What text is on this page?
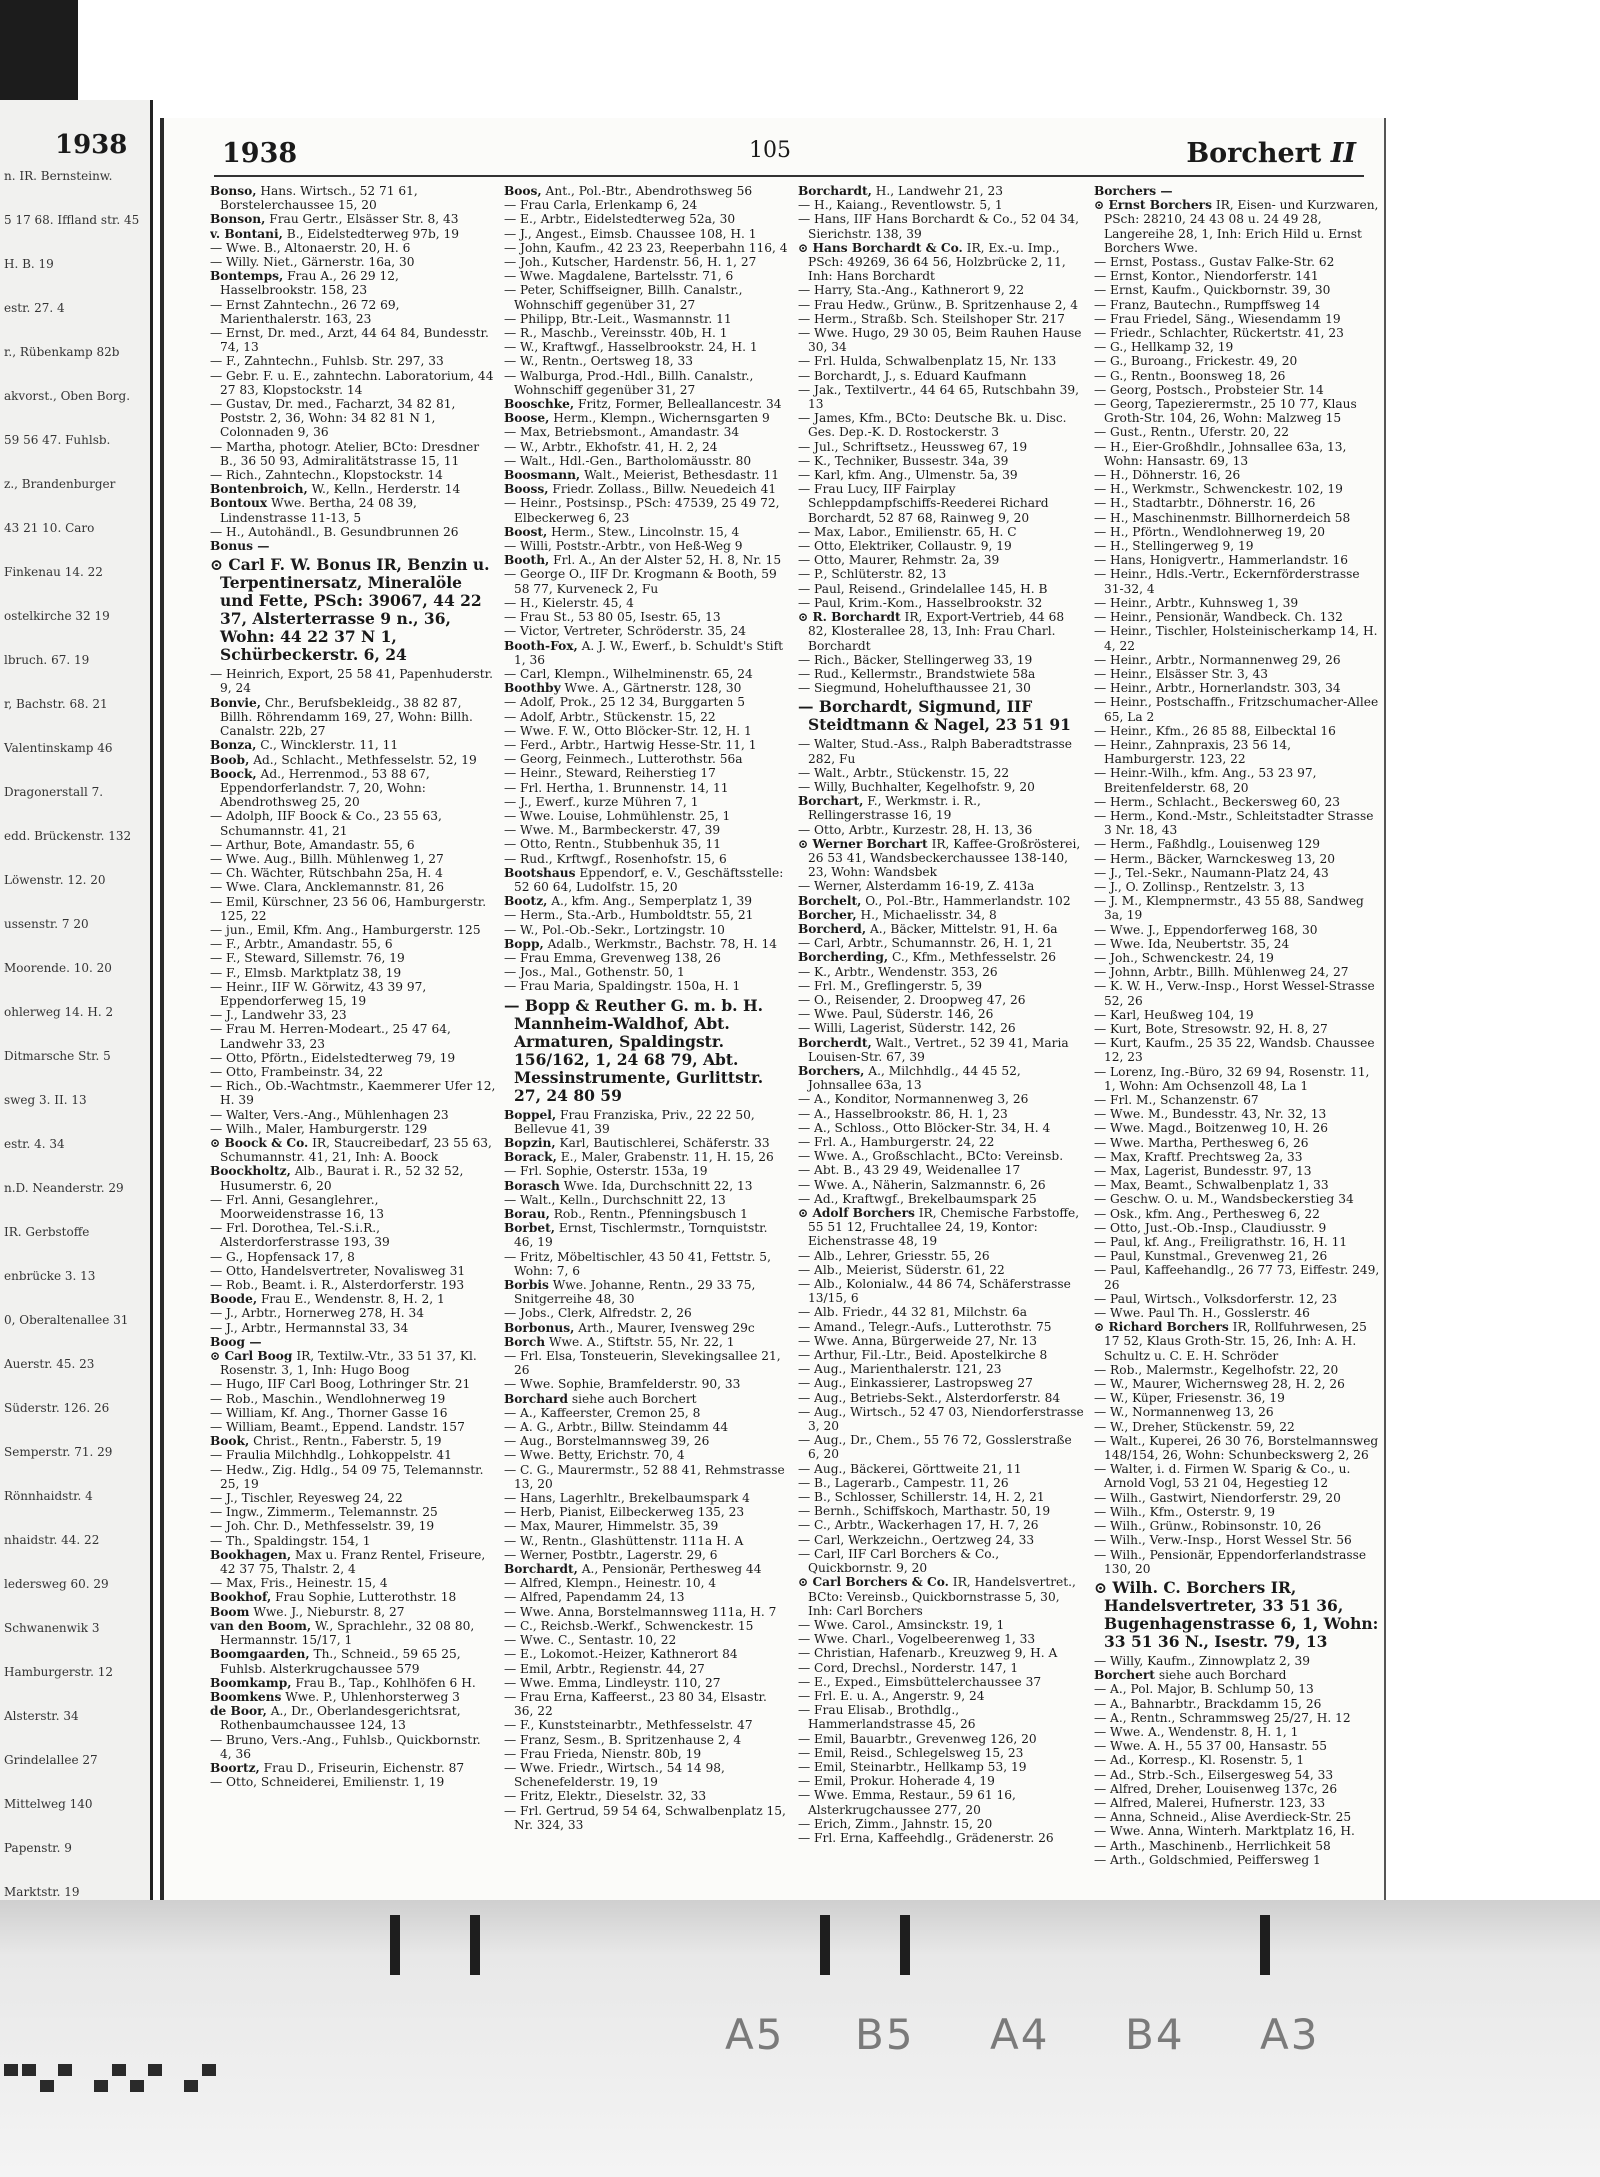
1938
n. IR. Bernsteinw.
5 17 68. Iffland str. 45
H. B. 19
estr. 27. 4
r., Rübenkamp 82b
akvorst., Oben Borg.
59 56 47. Fuhlsb.
z., Brandenburger
43 21 10. Caro
Finkenau 14. 22
ostelkirche 32 19
lbruch. 67. 19
r, Bachstr. 68. 21
Valentinskamp 46
Dragonerstall 7.
edd. Brückenstr. 132
Löwenstr. 12. 20
ussenstr. 7 20
Moorende. 10. 20
ohlerweg 14. H. 2
Ditmarsche Str. 5
sweg 3. II. 13
estr. 4. 34
n.D. Neanderstr. 29
IR. Gerbstoffe
enbrücke 3. 13
0, Oberaltenallee 31
Auerstr. 45. 23
Süderstr. 126. 26
Semperstr. 71. 29
Rönnhaidstr. 4
nhaidstr. 44. 22
ledersweg 60. 29
Schwanenwik 3
Hamburgerstr. 12
Alsterstr. 34
Grindelallee 27
Mittelweg 140
Papenstr. 9
Marktstr. 19
1938	105	Borchert II
Bonso, Hans. Wirtsch., 52 71 61, Borstelerchaussee 15, 20
Bonson, Frau Gertr., Elsässer Str. 8, 43
v. Bontani, B., Eidelstedterweg 97b, 19
— Wwe. B., Altonaerstr. 20, H. 6
— Willy. Niet., Gärnerstr. 16a, 30
Bontemps, Frau A., 26 29 12, Hasselbrookstr. 158, 23
— Ernst Zahntechn., 26 72 69, Marienthalerstr. 163, 23
— Ernst, Dr. med., Arzt, 44 64 84, Bundesstr. 74, 13
— F., Zahntechn., Fuhlsb. Str. 297, 33
— Gebr. F. u. E., zahntechn. Laboratorium, 44 27 83, Klopstockstr. 14
— Gustav, Dr. med., Facharzt, 34 82 81, Poststr. 2, 36, Wohn: 34 82 81 N 1, Colonnaden 9, 36
— Martha, photogr. Atelier, BCto: Dresdner B., 36 50 93, Admiralitätstrasse 15, 11
— Rich., Zahntechn., Klopstockstr. 14
Bontenbroich, W., Kelln., Herderstr. 14
Bontoux Wwe. Bertha, 24 08 39, Lindenstrasse 11-13, 5
— H., Autohändl., B. Gesundbrunnen 26
Bonus —
⊙ Carl F. W. Bonus IR, Benzin u. Terpentinersatz, Mineralöle und Fette, PSch: 39067, 44 22 37, Alsterterrasse 9 n., 36, Wohn: 44 22 37 N 1, Schürbeckerstr. 6, 24
— Heinrich, Export, 25 58 41, Papenhuderstr. 9, 24
Bonvie, Chr., Berufsbekleidg., 38 82 87, Billh. Röhrendamm 169, 27, Wohn: Billh. Canalstr. 22b, 27
Bonza, C., Wincklerstr. 11, 11
Boob, Ad., Schlacht., Methfesselstr. 52, 19
Boock, Ad., Herrenmod., 53 88 67, Eppendorferlandstr. 7, 20, Wohn: Abendrothsweg 25, 20
— Adolph, IIF Boock & Co., 23 55 63, Schumannstr. 41, 21
— Arthur, Bote, Amandastr. 55, 6
— Wwe. Aug., Billh. Mühlenweg 1, 27
— Ch. Wächter, Rütschbahn 25a, H. 4
— Wwe. Clara, Ancklemannstr. 81, 26
— Emil, Kürschner, 23 56 06, Hamburgerstr. 125, 22
— jun., Emil, Kfm. Ang., Hamburgerstr. 125
— F., Arbtr., Amandastr. 55, 6
— F., Steward, Sillemstr. 76, 19
— F., Elmsb. Marktplatz 38, 19
— Heinr., IIF W. Görwitz, 43 39 97, Eppendorferweg 15, 19
— J., Landwehr 33, 23
— Frau M. Herren-Modeart., 25 47 64, Landwehr 33, 23
— Otto, Pförtn., Eidelstedterweg 79, 19
— Otto, Frambeinstr. 34, 22
— Rich., Ob.-Wachtmstr., Kaemmerer Ufer 12, H. 39
— Walter, Vers.-Ang., Mühlenhagen 23
— Wilh., Maler, Hamburgerstr. 129
⊙ Boock & Co. IR, Staucreibedarf, 23 55 63, Schumannstr. 41, 21, Inh: A. Boock
Boockholtz, Alb., Baurat i. R., 52 32 52, Husumerstr. 6, 20
— Frl. Anni, Gesanglehrer., Moorweidenstrasse 16, 13
— Frl. Dorothea, Tel.-S.i.R., Alsterdorferstrasse 193, 39
— G., Hopfensack 17, 8
— Otto, Handelsvertreter, Novalisweg 31
— Rob., Beamt. i. R., Alsterdorferstr. 193
Boode, Frau E., Wendenstr. 8, H. 2, 1
— J., Arbtr., Hornerweg 278, H. 34
— J., Arbtr., Hermannstal 33, 34
Boog —
⊙ Carl Boog IR, Textilw.-Vtr., 33 51 37, Kl. Rosenstr. 3, 1, Inh: Hugo Boog
— Hugo, IIF Carl Boog, Lothringer Str. 21
— Rob., Maschin., Wendlohnerweg 19
— William, Kf. Ang., Thorner Gasse 16
— William, Beamt., Eppend. Landstr. 157
Book, Christ., Rentn., Faberstr. 5, 19
— Fraulia Milchhdlg., Lohkoppelstr. 41
— Hedw., Zig. Hdlg., 54 09 75, Telemannstr. 25, 19
— J., Tischler, Reyesweg 24, 22
— Ingw., Zimmerm., Telemannstr. 25
— Joh. Chr. D., Methfesselstr. 39, 19
— Th., Spaldingstr. 154, 1
Bookhagen, Max u. Franz Rentel, Friseure, 42 37 75, Thalstr. 2, 4
— Max, Fris., Heinestr. 15, 4
Bookhof, Frau Sophie, Lutterothstr. 18
Boom Wwe. J., Nieburstr. 8, 27
van den Boom, W., Sprachlehr., 32 08 80, Hermannstr. 15/17, 1
Boomgaarden, Th., Schneid., 59 65 25, Fuhlsb. Alsterkrugchaussee 579
Boomkamp, Frau B., Tap., Kohlhöfen 6 H.
Boomkens Wwe. P., Uhlenhorsterweg 3
de Boor, A., Dr., Oberlandesgerichtsrat, Rothenbaumchaussee 124, 13
— Bruno, Vers.-Ang., Fuhlsb., Quickbornstr. 4, 36
Boortz, Frau D., Friseurin, Eichenstr. 87
— Otto, Schneiderei, Emilienstr. 1, 19
Boos, Ant., Pol.-Btr., Abendrothsweg 56
— Frau Carla, Erlenkamp 6, 24
— E., Arbtr., Eidelstedterweg 52a, 30
— J., Angest., Eimsb. Chaussee 108, H. 1
— John, Kaufm., 42 23 23, Reeperbahn 116, 4
— Joh., Kutscher, Hardenstr. 56, H. 1, 27
— Wwe. Magdalene, Bartelsstr. 71, 6
— Peter, Schiffseigner, Billh. Canalstr., Wohnschiff gegenüber 31, 27
— Philipp, Btr.-Leit., Wasmannstr. 11
— R., Maschb., Vereinsstr. 40b, H. 1
— W., Kraftwgf., Hasselbrookstr. 24, H. 1
— W., Rentn., Oertsweg 18, 33
— Walburga, Prod.-Hdl., Billh. Canalstr., Wohnschiff gegenüber 31, 27
Booschke, Fritz, Former, Belleallancestr. 34
Boose, Herm., Klempn., Wichernsgarten 9
— Max, Betriebsmont., Amandastr. 34
— W., Arbtr., Ekhofstr. 41, H. 2, 24
— Walt., Hdl.-Gen., Bartholomäusstr. 80
Boosmann, Walt., Meierist, Bethesdastr. 11
Booss, Friedr. Zollass., Billw. Neuedeich 41
— Heinr., Postsinsp., PSch: 47539, 25 49 72, Elbeckerweg 6, 23
Boost, Herm., Stew., Lincolnstr. 15, 4
— Willi, Poststr.-Arbtr., von Heß-Weg 9
Booth, Frl. A., An der Alster 52, H. 8, Nr. 15
— George O., IIF Dr. Krogmann & Booth, 59 58 77, Kurveneck 2, Fu
— H., Kielerstr. 45, 4
— Frau St., 53 80 05, Isestr. 65, 13
— Victor, Vertreter, Schröderstr. 35, 24
Booth-Fox, A. J. W., Ewerf., b. Schuldt's Stift 1, 36
— Carl, Klempn., Wilhelminenstr. 65, 24
Boothby Wwe. A., Gärtnerstr. 128, 30
— Adolf, Prok., 25 12 34, Burggarten 5
— Adolf, Arbtr., Stückenstr. 15, 22
— Wwe. F. W., Otto Blöcker-Str. 12, H. 1
— Ferd., Arbtr., Hartwig Hesse-Str. 11, 1
— Georg, Feinmech., Lutterothstr. 56a
— Heinr., Steward, Reiherstieg 17
— Frl. Hertha, 1. Brunnenstr. 14, 11
— J., Ewerf., kurze Mühren 7, 1
— Wwe. Louise, Lohmühlenstr. 25, 1
— Wwe. M., Barmbeckerstr. 47, 39
— Otto, Rentn., Stubbenhuk 35, 11
— Rud., Krftwgf., Rosenhofstr. 15, 6
Bootshaus Eppendorf, e. V., Geschäftsstelle: 52 60 64, Ludolfstr. 15, 20
Bootz, A., kfm. Ang., Semperplatz 1, 39
— Herm., Sta.-Arb., Humboldtstr. 55, 21
— W., Pol.-Ob.-Sekr., Lortzingstr. 10
Bopp, Adalb., Werkmstr., Bachstr. 78, H. 14
— Frau Emma, Grevenweg 138, 26
— Jos., Mal., Gothenstr. 50, 1
— Frau Maria, Spaldingstr. 150a, H. 1
— Bopp & Reuther G. m. b. H. Mannheim-Waldhof, Abt. Armaturen, Spaldingstr. 156/162, 1, 24 68 79, Abt. Messinstrumente, Gurlittstr. 27, 24 80 59
Boppel, Frau Franziska, Priv., 22 22 50, Bellevue 41, 39
Bopzin, Karl, Bautischlerei, Schäferstr. 33
Borack, E., Maler, Grabenstr. 11, H. 15, 26
— Frl. Sophie, Osterstr. 153a, 19
Borasch Wwe. Ida, Durchschnitt 22, 13
— Walt., Kelln., Durchschnitt 22, 13
Borau, Rob., Rentn., Pfenningsbusch 1
Borbet, Ernst, Tischlermstr., Tornquiststr. 46, 19
— Fritz, Möbeltischler, 43 50 41, Fettstr. 5, Wohn: 7, 6
Borbis Wwe. Johanne, Rentn., 29 33 75, Snitgerreihe 48, 30
— Jobs., Clerk, Alfredstr. 2, 26
Borbonus, Arth., Maurer, Ivensweg 29c
Borch Wwe. A., Stiftstr. 55, Nr. 22, 1
— Frl. Elsa, Tonsteuerin, Slevekingsallee 21, 26
— Wwe. Sophie, Bramfelderstr. 90, 33
Borchard siehe auch Borchert
— A., Kaffeerster, Cremon 25, 8
— A. G., Arbtr., Billw. Steindamm 44
— Aug., Borstelmannsweg 39, 26
— Wwe. Betty, Erichstr. 70, 4
— C. G., Maurermstr., 52 88 41, Rehmstrasse 13, 20
— Hans, Lagerhltr., Brekelbaumspark 4
— Herb, Pianist, Eilbeckerweg 135, 23
— Max, Maurer, Himmelstr. 35, 39
— W., Rentn., Glashüttenstr. 111a H. A
— Werner, Postbtr., Lagerstr. 29, 6
Borchardt, A., Pensionär, Perthesweg 44
— Alfred, Klempn., Heinestr. 10, 4
— Alfred, Papendamm 24, 13
— Wwe. Anna, Borstelmannsweg 111a, H. 7
— C., Reichsb.-Werkf., Schwenckestr. 15
— Wwe. C., Sentastr. 10, 22
— E., Lokomot.-Heizer, Kathnerort 84
— Emil, Arbtr., Regienstr. 44, 27
— Wwe. Emma, Lindleystr. 110, 27
— Frau Erna, Kaffeerst., 23 80 34, Elsastr. 36, 22
— F., Kunststeinarbtr., Methfesselstr. 47
— Franz, Sesm., B. Spritzenhause 2, 4
— Frau Frieda, Nienstr. 80b, 19
— Wwe. Friedr., Wirtsch., 54 14 98, Schenefelderstr. 19, 19
— Fritz, Elektr., Dieselstr. 32, 33
— Frl. Gertrud, 59 54 64, Schwalbenplatz 15, Nr. 324, 33
Borchardt, H., Landwehr 21, 23
— H., Kaiang., Reventlowstr. 5, 1
— Hans, IIF Hans Borchardt & Co., 52 04 34, Sierichstr. 138, 39
⊙ Hans Borchardt & Co. IR, Ex.-u. Imp., PSch: 49269, 36 64 56, Holzbrücke 2, 11, Inh: Hans Borchardt
— Harry, Sta.-Ang., Kathnerort 9, 22
— Frau Hedw., Grünw., B. Spritzenhause 2, 4
— Herm., Straßb. Sch. Steilshoper Str. 217
— Wwe. Hugo, 29 30 05, Beim Rauhen Hause 30, 34
— Frl. Hulda, Schwalbenplatz 15, Nr. 133
— Borchardt, J., s. Eduard Kaufmann
— Jak., Textilvertr., 44 64 65, Rutschbahn 39, 13
— James, Kfm., BCto: Deutsche Bk. u. Disc. Ges. Dep.-K. D. Rostockerstr. 3
— Jul., Schriftsetz., Heussweg 67, 19
— K., Techniker, Bussestr. 34a, 39
— Karl, kfm. Ang., Ulmenstr. 5a, 39
— Frau Lucy, IIF Fairplay Schleppdampfschiffs-Reederei Richard Borchardt, 52 87 68, Rainweg 9, 20
— Max, Labor., Emilienstr. 65, H. C
— Otto, Elektriker, Collaustr. 9, 19
— Otto, Maurer, Rehmstr. 2a, 39
— P., Schlüterstr. 82, 13
— Paul, Reisend., Grindelallee 145, H. B
— Paul, Krim.-Kom., Hasselbrookstr. 32
⊙ R. Borchardt IR, Export-Vertrieb, 44 68 82, Klosterallee 28, 13, Inh: Frau Charl. Borchardt
— Rich., Bäcker, Stellingerweg 33, 19
— Rud., Kellermstr., Brandstwiete 58a
— Siegmund, Hohelufthaussee 21, 30
— Borchardt, Sigmund, IIF Steidtmann & Nagel, 23 51 91
— Walter, Stud.-Ass., Ralph Baberadtstrasse 282, Fu
— Walt., Arbtr., Stückenstr. 15, 22
— Willy, Buchhalter, Kegelhofstr. 9, 20
Borchart, F., Werkmstr. i. R., Rellingerstrasse 16, 19
— Otto, Arbtr., Kurzestr. 28, H. 13, 36
⊙ Werner Borchart IR, Kaffee-Großrösterei, 26 53 41, Wandsbeckerchaussee 138-140, 23, Wohn: Wandsbek
— Werner, Alsterdamm 16-19, Z. 413a
Borchelt, O., Pol.-Btr., Hammerlandstr. 102
Borcher, H., Michaelisstr. 34, 8
Borcherd, A., Bäcker, Mittelstr. 91, H. 6a
— Carl, Arbtr., Schumannstr. 26, H. 1, 21
Borcherding, C., Kfm., Methfesselstr. 26
— K., Arbtr., Wendenstr. 353, 26
— Frl. M., Greflingerstr. 5, 39
— O., Reisender, 2. Droopweg 47, 26
— Wwe. Paul, Süderstr. 146, 26
— Willi, Lagerist, Süderstr. 142, 26
Borcherdt, Walt., Vertret., 52 39 41, Maria Louisen-Str. 67, 39
Borchers, A., Milchhdlg., 44 45 52, Johnsallee 63a, 13
— A., Konditor, Normannenweg 3, 26
— A., Hasselbrookstr. 86, H. 1, 23
— A., Schloss., Otto Blöcker-Str. 34, H. 4
— Frl. A., Hamburgerstr. 24, 22
— Wwe. A., Großschlacht., BCto: Vereinsb.
— Abt. B., 43 29 49, Weidenallee 17
— Wwe. A., Näherin, Salzmannstr. 6, 26
— Ad., Kraftwgf., Brekelbaumspark 25
⊙ Adolf Borchers IR, Chemische Farbstoffe, 55 51 12, Fruchtallee 24, 19, Kontor: Eichenstrasse 48, 19
— Alb., Lehrer, Griesstr. 55, 26
— Alb., Meierist, Süderstr. 61, 22
— Alb., Kolonialw., 44 86 74, Schäferstrasse 13/15, 6
— Alb. Friedr., 44 32 81, Milchstr. 6a
— Amand., Telegr.-Aufs., Lutterothstr. 75
— Wwe. Anna, Bürgerweide 27, Nr. 13
— Arthur, Fil.-Ltr., Beid. Apostelkirche 8
— Aug., Marienthalerstr. 121, 23
— Aug., Einkassierer, Lastropsweg 27
— Aug., Betriebs-Sekt., Alsterdorferstr. 84
— Aug., Wirtsch., 52 47 03, Niendorferstrasse 3, 20
— Aug., Dr., Chem., 55 76 72, Gosslerstraße 6, 20
— Aug., Bäckerei, Görttweite 21, 11
— B., Lagerarb., Campestr. 11, 26
— B., Schlosser, Schillerstr. 14, H. 2, 21
— Bernh., Schiffskoch, Marthastr. 50, 19
— C., Arbtr., Wackerhagen 17, H. 7, 26
— Carl, Werkzeichn., Oertzweg 24, 33
— Carl, IIF Carl Borchers & Co., Quickbornstr. 9, 20
⊙ Carl Borchers & Co. IR, Handelsvertret., BCto: Vereinsb., Quickbornstrasse 5, 30, Inh: Carl Borchers
— Wwe. Carol., Amsinckstr. 19, 1
— Wwe. Charl., Vogelbeerenweg 1, 33
— Christian, Hafenarb., Kreuzweg 9, H. A
— Cord, Drechsl., Norderstr. 147, 1
— E., Exped., Eimsbüttelerchaussee 37
— Frl. E. u. A., Angerstr. 9, 24
— Frau Elisab., Brothdlg., Hammerlandstrasse 45, 26
— Emil, Bauarbtr., Grevenweg 126, 20
— Emil, Reisd., Schlegelsweg 15, 23
— Emil, Steinarbtr., Hellkamp 53, 19
— Emil, Prokur. Hoherade 4, 19
— Wwe. Emma, Restaur., 59 61 16, Alsterkrugchaussee 277, 20
— Erich, Zimm., Jahnstr. 15, 20
— Frl. Erna, Kaffeehdlg., Grädenerstr. 26
Borchers —
⊙ Ernst Borchers IR, Eisen- und Kurzwaren, PSch: 28210, 24 43 08 u. 24 49 28, Langereihe 28, 1, Inh: Erich Hild u. Ernst Borchers Wwe.
— Ernst, Postass., Gustav Falke-Str. 62
— Ernst, Kontor., Niendorferstr. 141
— Ernst, Kaufm., Quickbornstr. 39, 30
— Franz, Bautechn., Rumpffsweg 14
— Frau Friedel, Säng., Wiesendamm 19
— Friedr., Schlachter, Rückertstr. 41, 23
— G., Hellkamp 32, 19
— G., Buroang., Frickestr. 49, 20
— G., Rentn., Boonsweg 18, 26
— Georg, Postsch., Probsteier Str. 14
— Georg, Tapezierermstr., 25 10 77, Klaus Groth-Str. 104, 26, Wohn: Malzweg 15
— Gust., Rentn., Uferstr. 20, 22
— H., Eier-Großhdlr., Johnsallee 63a, 13, Wohn: Hansastr. 69, 13
— H., Döhnerstr. 16, 26
— H., Werkmstr., Schwenckestr. 102, 19
— H., Stadtarbtr., Döhnerstr. 16, 26
— H., Maschinenmstr. Billhornerdeich 58
— H., Pförtn., Wendlohnerweg 19, 20
— H., Stellingerweg 9, 19
— Hans, Honigvertr., Hammerlandstr. 16
— Heinr., Hdls.-Vertr., Eckernförderstrasse 31-32, 4
— Heinr., Arbtr., Kuhnsweg 1, 39
— Heinr., Pensionär, Wandbeck. Ch. 132
— Heinr., Tischler, Holsteinischerkamp 14, H. 4, 22
— Heinr., Arbtr., Normannenweg 29, 26
— Heinr., Elsässer Str. 3, 43
— Heinr., Arbtr., Hornerlandstr. 303, 34
— Heinr., Postschaffn., Fritzschumacher-Allee 65, La 2
— Heinr., Kfm., 26 85 88, Eilbecktal 16
— Heinr., Zahnpraxis, 23 56 14, Hamburgerstr. 123, 22
— Heinr.-Wilh., kfm. Ang., 53 23 97, Breitenfelderstr. 68, 20
— Herm., Schlacht., Beckersweg 60, 23
— Herm., Kond.-Mstr., Schleitstadter Strasse 3 Nr. 18, 43
— Herm., Faßhdlg., Louisenweg 129
— Herm., Bäcker, Warnckesweg 13, 20
— J., Tel.-Sekr., Naumann-Platz 24, 43
— J., O. Zollinsp., Rentzelstr. 3, 13
— J. M., Klempnermstr., 43 55 88, Sandweg 3a, 19
— Wwe. J., Eppendorferweg 168, 30
— Wwe. Ida, Neubertstr. 35, 24
— Joh., Schwenckestr. 24, 19
— Johnn, Arbtr., Billh. Mühlenweg 24, 27
— K. W. H., Verw.-Insp., Horst Wessel-Strasse 52, 26
— Karl, Heußweg 104, 19
— Kurt, Bote, Stresowstr. 92, H. 8, 27
— Kurt, Kaufm., 25 35 22, Wandsb. Chaussee 12, 23
— Lorenz, Ing.-Büro, 32 69 94, Rosenstr. 11, 1, Wohn: Am Ochsenzoll 48, La 1
— Frl. M., Schanzenstr. 67
— Wwe. M., Bundesstr. 43, Nr. 32, 13
— Wwe. Magd., Boitzenweg 10, H. 26
— Wwe. Martha, Perthesweg 6, 26
— Max, Kraftf. Prechtsweg 2a, 33
— Max, Lagerist, Bundesstr. 97, 13
— Max, Beamt., Schwalbenplatz 1, 33
— Geschw. O. u. M., Wandsbeckerstieg 34
— Osk., kfm. Ang., Perthesweg 6, 22
— Otto, Just.-Ob.-Insp., Claudiusstr. 9
— Paul, kf. Ang., Freiligrathstr. 16, H. 11
— Paul, Kunstmal., Grevenweg 21, 26
— Paul, Kaffeehandlg., 26 77 73, Eiffestr. 249, 26
— Paul, Wirtsch., Volksdorferstr. 12, 23
— Wwe. Paul Th. H., Gosslerstr. 46
⊙ Richard Borchers IR, Rollfuhrwesen, 25 17 52, Klaus Groth-Str. 15, 26, Inh: A. H. Schultz u. C. E. H. Schröder
— Rob., Malermstr., Kegelhofstr. 22, 20
— W., Maurer, Wichernsweg 28, H. 2, 26
— W., Küper, Friesenstr. 36, 19
— W., Normannenweg 13, 26
— W., Dreher, Stückenstr. 59, 22
— Walt., Kuperei, 26 30 76, Borstelmannsweg 148/154, 26, Wohn: Schunbeckswerg 2, 26
— Walter, i. d. Firmen W. Sparig & Co., u. Arnold Vogl, 53 21 04, Hegestieg 12
— Wilh., Gastwirt, Niendorferstr. 29, 20
— Wilh., Kfm., Osterstr. 9, 19
— Wilh., Grünw., Robinsonstr. 10, 26
— Wilh., Verw.-Insp., Horst Wessel Str. 56
— Wilh., Pensionär, Eppendorferlandstrasse 130, 20
⊙ Wilh. C. Borchers IR, Handelsvertreter, 33 51 36, Bugenhagenstrasse 6, 1, Wohn: 33 51 36 N., Isestr. 79, 13
— Willy, Kaufm., Zinnowplatz 2, 39
Borchert siehe auch Borchard
— A., Pol. Major, B. Schlump 50, 13
— A., Bahnarbtr., Brackdamm 15, 26
— A., Rentn., Schrammsweg 25/27, H. 12
— Wwe. A., Wendenstr. 8, H. 1, 1
— Wwe. A. H., 55 37 00, Hansastr. 55
— Ad., Korresp., Kl. Rosenstr. 5, 1
— Ad., Strb.-Sch., Eilsergesweg 54, 33
— Alfred, Dreher, Louisenweg 137c, 26
— Alfred, Malerei, Hufnerstr. 123, 33
— Anna, Schneid., Alise Averdieck-Str. 25
— Wwe. Anna, Winterh. Marktplatz 16, H.
— Arth., Maschinenb., Herrlichkeit 58
— Arth., Goldschmied, Peiffersweg 1
A5 B5 A4 B4 A3
